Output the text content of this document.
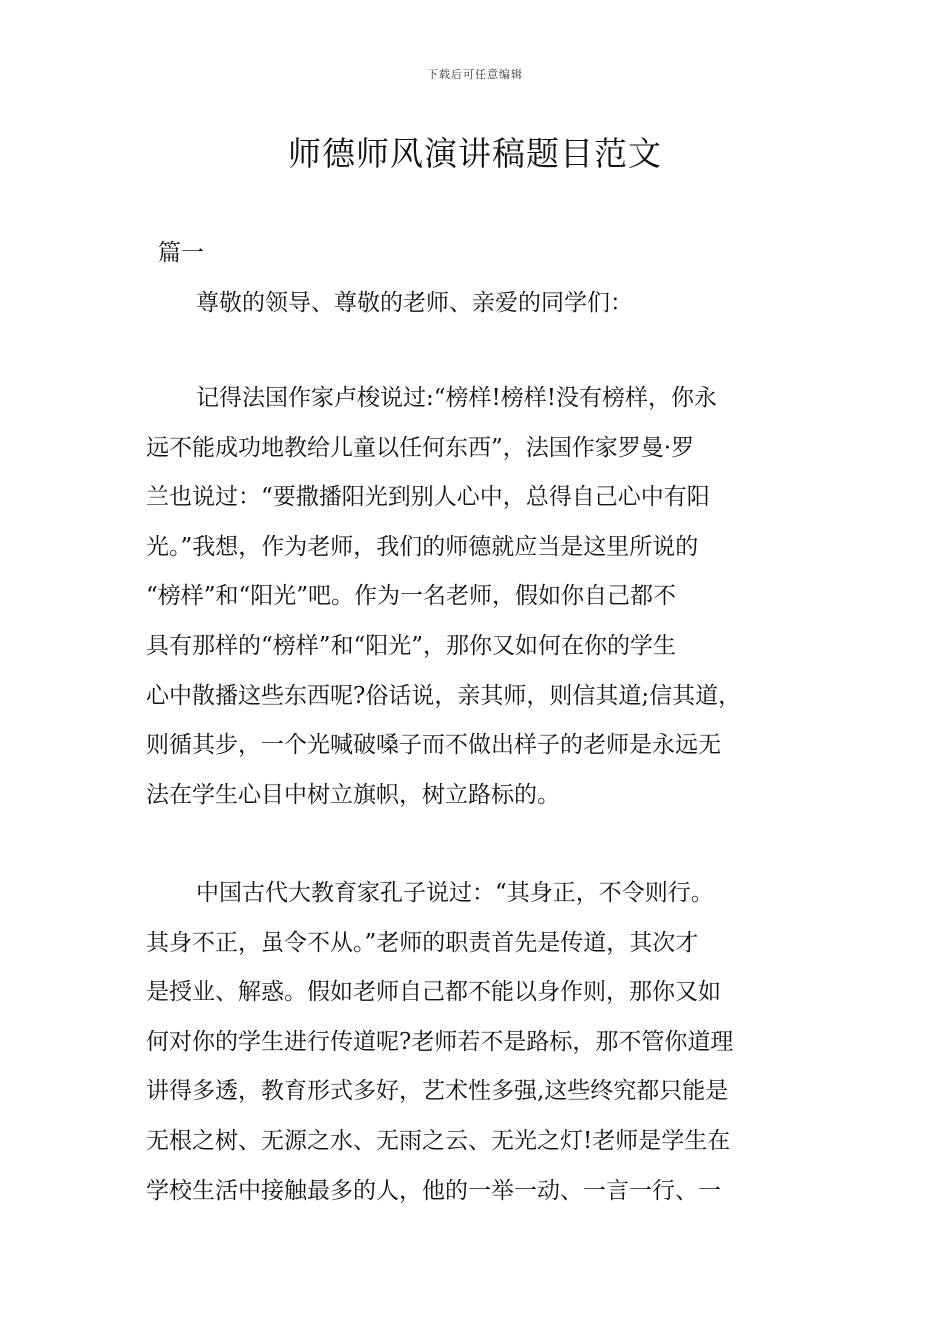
下载后可任意编辑
师德师风演讲稿题目范文
篇一
尊敬的领导、尊敬的老师、亲爱的同学们：
记得法国作家卢梭说过:“榜样!榜样!没有榜样，你永
远不能成功地教给儿童以任何东西”，法国作家罗曼·罗
兰也说过：“要撒播阳光到别人心中，总得自己心中有阳
光。”我想，作为老师，我们的师德就应当是这里所说的
“榜样”和“阳光”吧。作为一名老师，假如你自己都不
具有那样的“榜样”和“阳光”，那你又如何在你的学生
心中散播这些东西呢?俗话说，亲其师，则信其道;信其道，
则循其步，一个光喊破嗓子而不做出样子的老师是永远无
法在学生心目中树立旗帜，树立路标的。
中国古代大教育家孔子说过：“其身正，不令则行。
其身不正，虽令不从。”老师的职责首先是传道，其次才
是授业、解惑。假如老师自己都不能以身作则，那你又如
何对你的学生进行传道呢?老师若不是路标，那不管你道理
讲得多透，教育形式多好，艺术性多强,这些终究都只能是
无根之树、无源之水、无雨之云、无光之灯!老师是学生在
学校生活中接触最多的人，他的一举一动、一言一行、一
